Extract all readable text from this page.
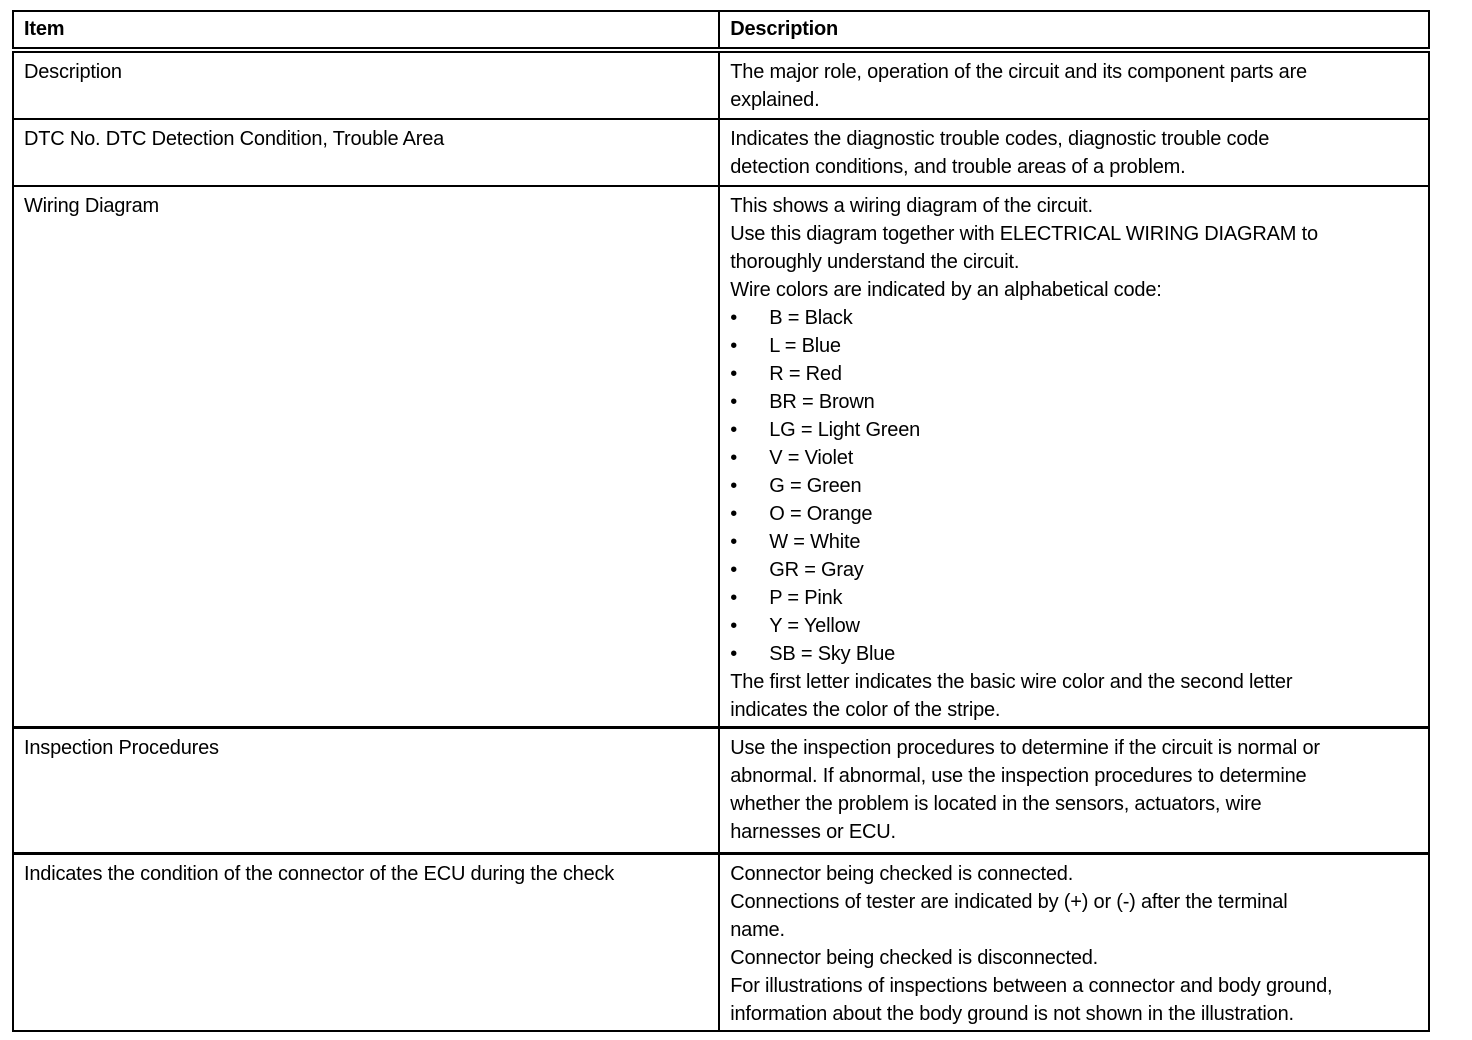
Item	Description
Description	The major role, operation of the circuit and its component parts are
explained.

DTC No. DTC Detection Condition, Trouble Area	Indicates the diagnostic trouble codes, diagnostic trouble code
detection conditions, and trouble areas of a problem.

Wiring Diagram	This shows a wiring diagram of the circuit.
Use this diagram together with ELECTRICAL WIRING DIAGRAM to
thoroughly understand the circuit.
Wire colors are indicated by an alphabetical code:
• B = Black
• L = Blue
• R = Red
• BR = Brown
• LG = Light Green
• V = Violet
• G = Green
• O = Orange
• W = White
• GR = Gray
• P = Pink
• Y = Yellow
• SB = Sky Blue
The first letter indicates the basic wire color and the second letter
indicates the color of the stripe.

Inspection Procedures	Use the inspection procedures to determine if the circuit is normal or
abnormal. If abnormal, use the inspection procedures to determine
whether the problem is located in the sensors, actuators, wire
harnesses or ECU.

Indicates the condition of the connector of the ECU during the check	Connector being checked is connected.
Connections of tester are indicated by (+) or (-) after the terminal
name.
Connector being checked is disconnected.
For illustrations of inspections between a connector and body ground,
information about the body ground is not shown in the illustration.
